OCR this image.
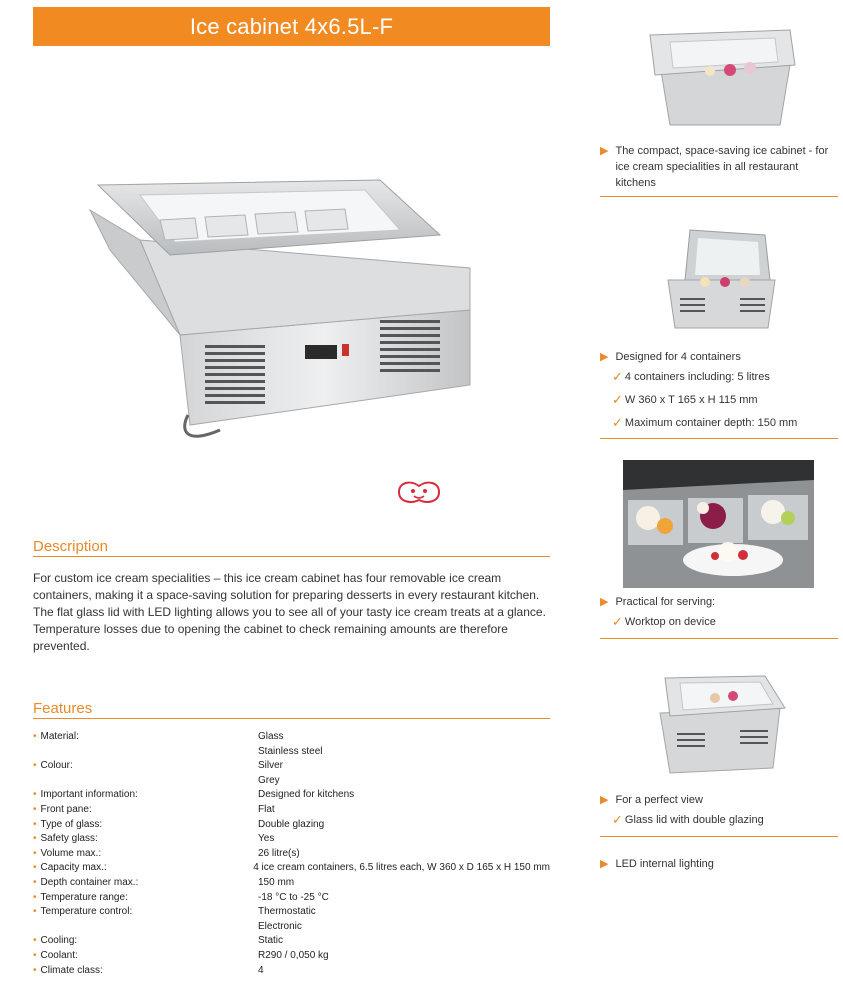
Ice cabinet 4x6.5L-F
Description
For custom ice cream specialities – this ice cream cabinet has four removable ice cream containers, making it a space-saving solution for preparing desserts in every restaurant kitchen. The flat glass lid with LED lighting allows you to see all of your tasty ice cream treats at a glance. Temperature losses due to opening the cabinet to check remaining amounts are therefore prevented.
Features
• Material:	Glass
Stainless steel
• Colour:	Silver
Grey
• Important information:	Designed for kitchens
• Front pane:	Flat
• Type of glass:	Double glazing
• Safety glass:	Yes
• Volume max.:	26 litre(s)
• Capacity max.:	4 ice cream containers, 6.5 litres each, W 360 x D 165 x H 150 mm
• Depth container max.:	150 mm
• Temperature range:	-18 °C to -25 °C
• Temperature control:	Thermostatic
Electronic
• Cooling:	Static
• Coolant:	R290 / 0,050 kg
• Climate class:	4
▶ The compact, space-saving ice cabinet - for ice cream specialities in all restaurant kitchens
▶ Designed for 4 containers
✓ 4 containers including: 5 litres
✓ W 360 x T 165 x H 115 mm
✓ Maximum container depth: 150 mm
▶ Practical for serving:
✓ Worktop on device
▶ For a perfect view
✓ Glass lid with double glazing
▶ LED internal lighting
